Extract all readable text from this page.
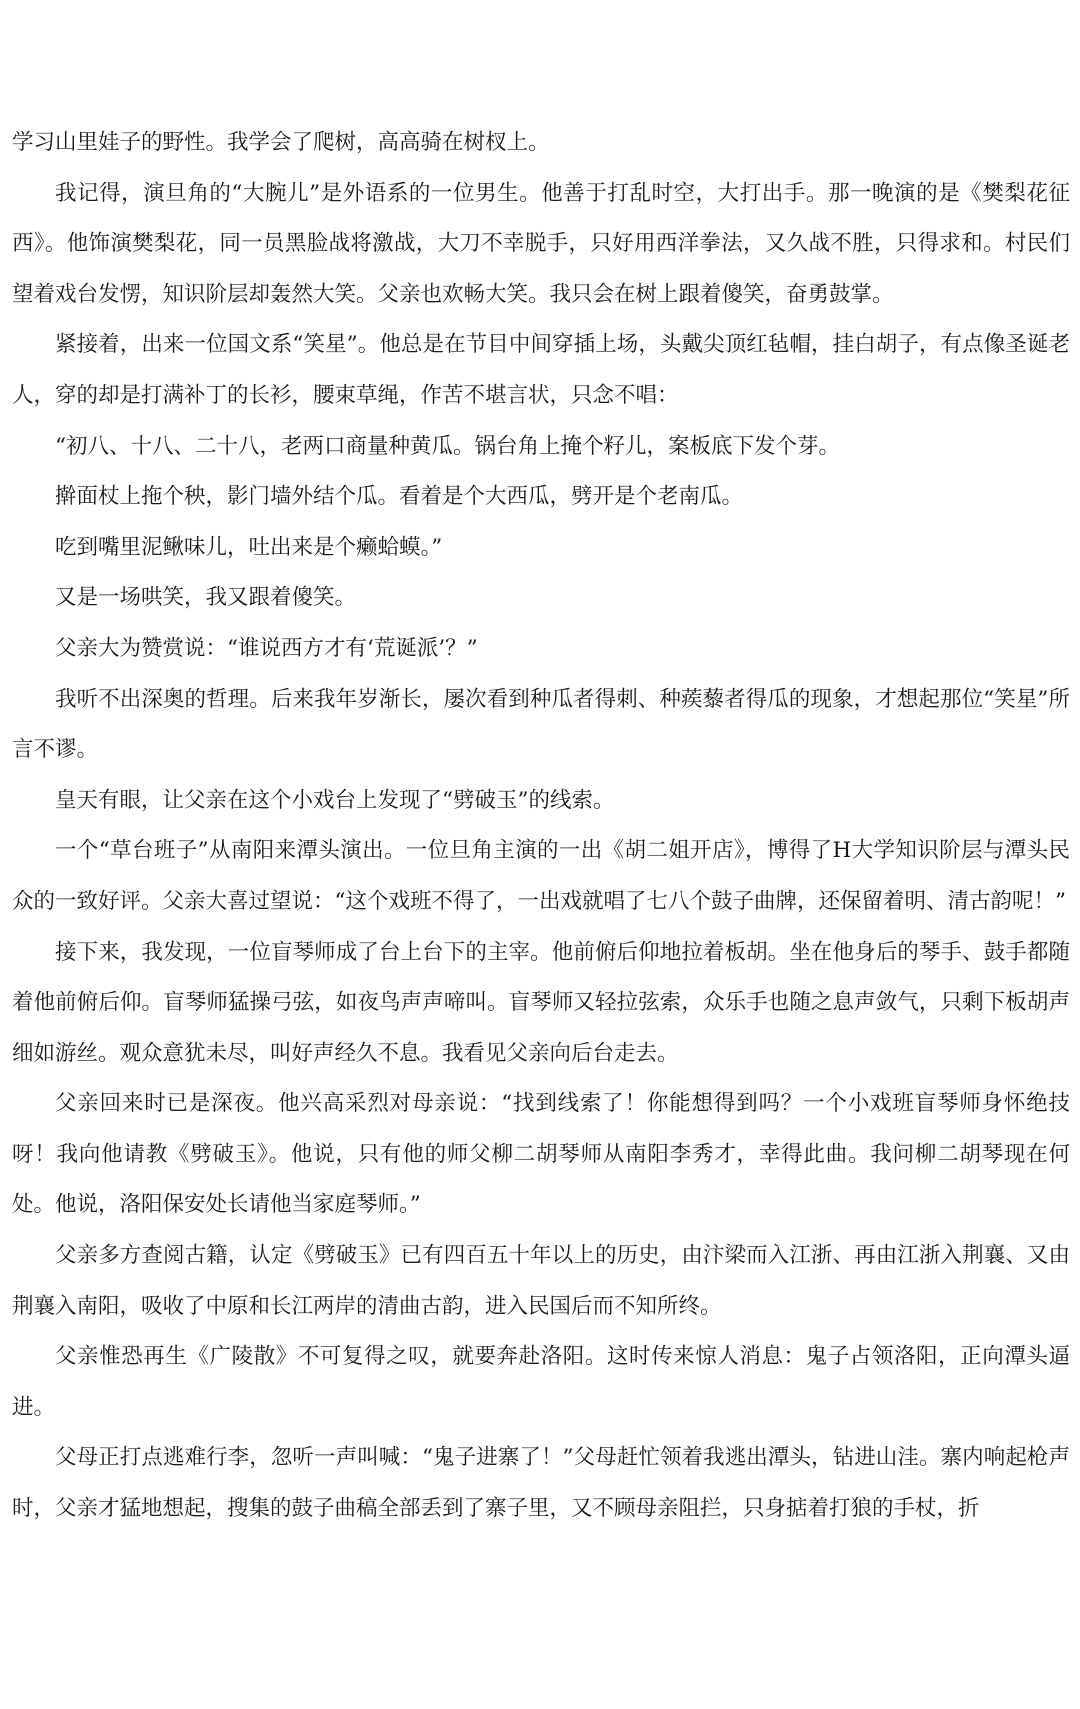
学习山里娃子的野性。我学会了爬树，高高骑在树杈上。

我记得，演旦角的“大腕儿”是外语系的一位男生。他善于打乱时空，大打出手。那一晚演的是《樊梨花征西》。他饰演樊梨花，同一员黑脸战将激战，大刀不幸脱手，只好用西洋拳法，又久战不胜，只得求和。村民们望着戏台发愣，知识阶层却轰然大笑。父亲也欢畅大笑。我只会在树上跟着傻笑，奋勇鼓掌。

紧接着，出来一位国文系“笑星”。他总是在节目中间穿插上场，头戴尖顶红毡帽，挂白胡子，有点像圣诞老人，穿的却是打满补丁的长衫，腰束草绳，作苦不堪言状，只念不唱：

“初八、十八、二十八，老两口商量种黄瓜。锅台角上掩个籽儿，案板底下发个芽。

擀面杖上拖个秧，影门墙外结个瓜。看着是个大西瓜，劈开是个老南瓜。

吃到嘴里泥鳅味儿，吐出来是个癞蛤蟆。”

又是一场哄笑，我又跟着傻笑。

父亲大为赞赏说：“谁说西方才有‘荒诞派’？”

我听不出深奥的哲理。后来我年岁渐长，屡次看到种瓜者得刺、种蒺藜者得瓜的现象，才想起那位“笑星”所言不谬。

皇天有眼，让父亲在这个小戏台上发现了“劈破玉”的线索。

一个“草台班子”从南阳来潭头演出。一位旦角主演的一出《胡二姐开店》，博得了H大学知识阶层与潭头民众的一致好评。父亲大喜过望说：“这个戏班不得了，一出戏就唱了七八个鼓子曲牌，还保留着明、清古韵呢！”

接下来，我发现，一位盲琴师成了台上台下的主宰。他前俯后仰地拉着板胡。坐在他身后的琴手、鼓手都随着他前俯后仰。盲琴师猛操弓弦，如夜鸟声声啼叫。盲琴师又轻拉弦索，众乐手也随之息声敛气，只剩下板胡声细如游丝。观众意犹未尽，叫好声经久不息。我看见父亲向后台走去。

父亲回来时已是深夜。他兴高采烈对母亲说：“找到线索了！你能想得到吗？一个小戏班盲琴师身怀绝技呀！我向他请教《劈破玉》。他说，只有他的师父柳二胡琴师从南阳李秀才，幸得此曲。我问柳二胡琴现在何处。他说，洛阳保安处长请他当家庭琴师。”

父亲多方查阅古籍，认定《劈破玉》已有四百五十年以上的历史，由汴梁而入江浙、再由江浙入荆襄、又由荆襄入南阳，吸收了中原和长江两岸的清曲古韵，进入民国后而不知所终。

父亲惟恐再生《广陵散》不可复得之叹，就要奔赴洛阳。这时传来惊人消息：鬼子占领洛阳，正向潭头逼进。

父母正打点逃难行李，忽听一声叫喊：“鬼子进寨了！”父母赶忙领着我逃出潭头，钻进山洼。寨内响起枪声时，父亲才猛地想起，搜集的鼓子曲稿全部丢到了寨子里，又不顾母亲阻拦，只身掂着打狼的手杖，折
